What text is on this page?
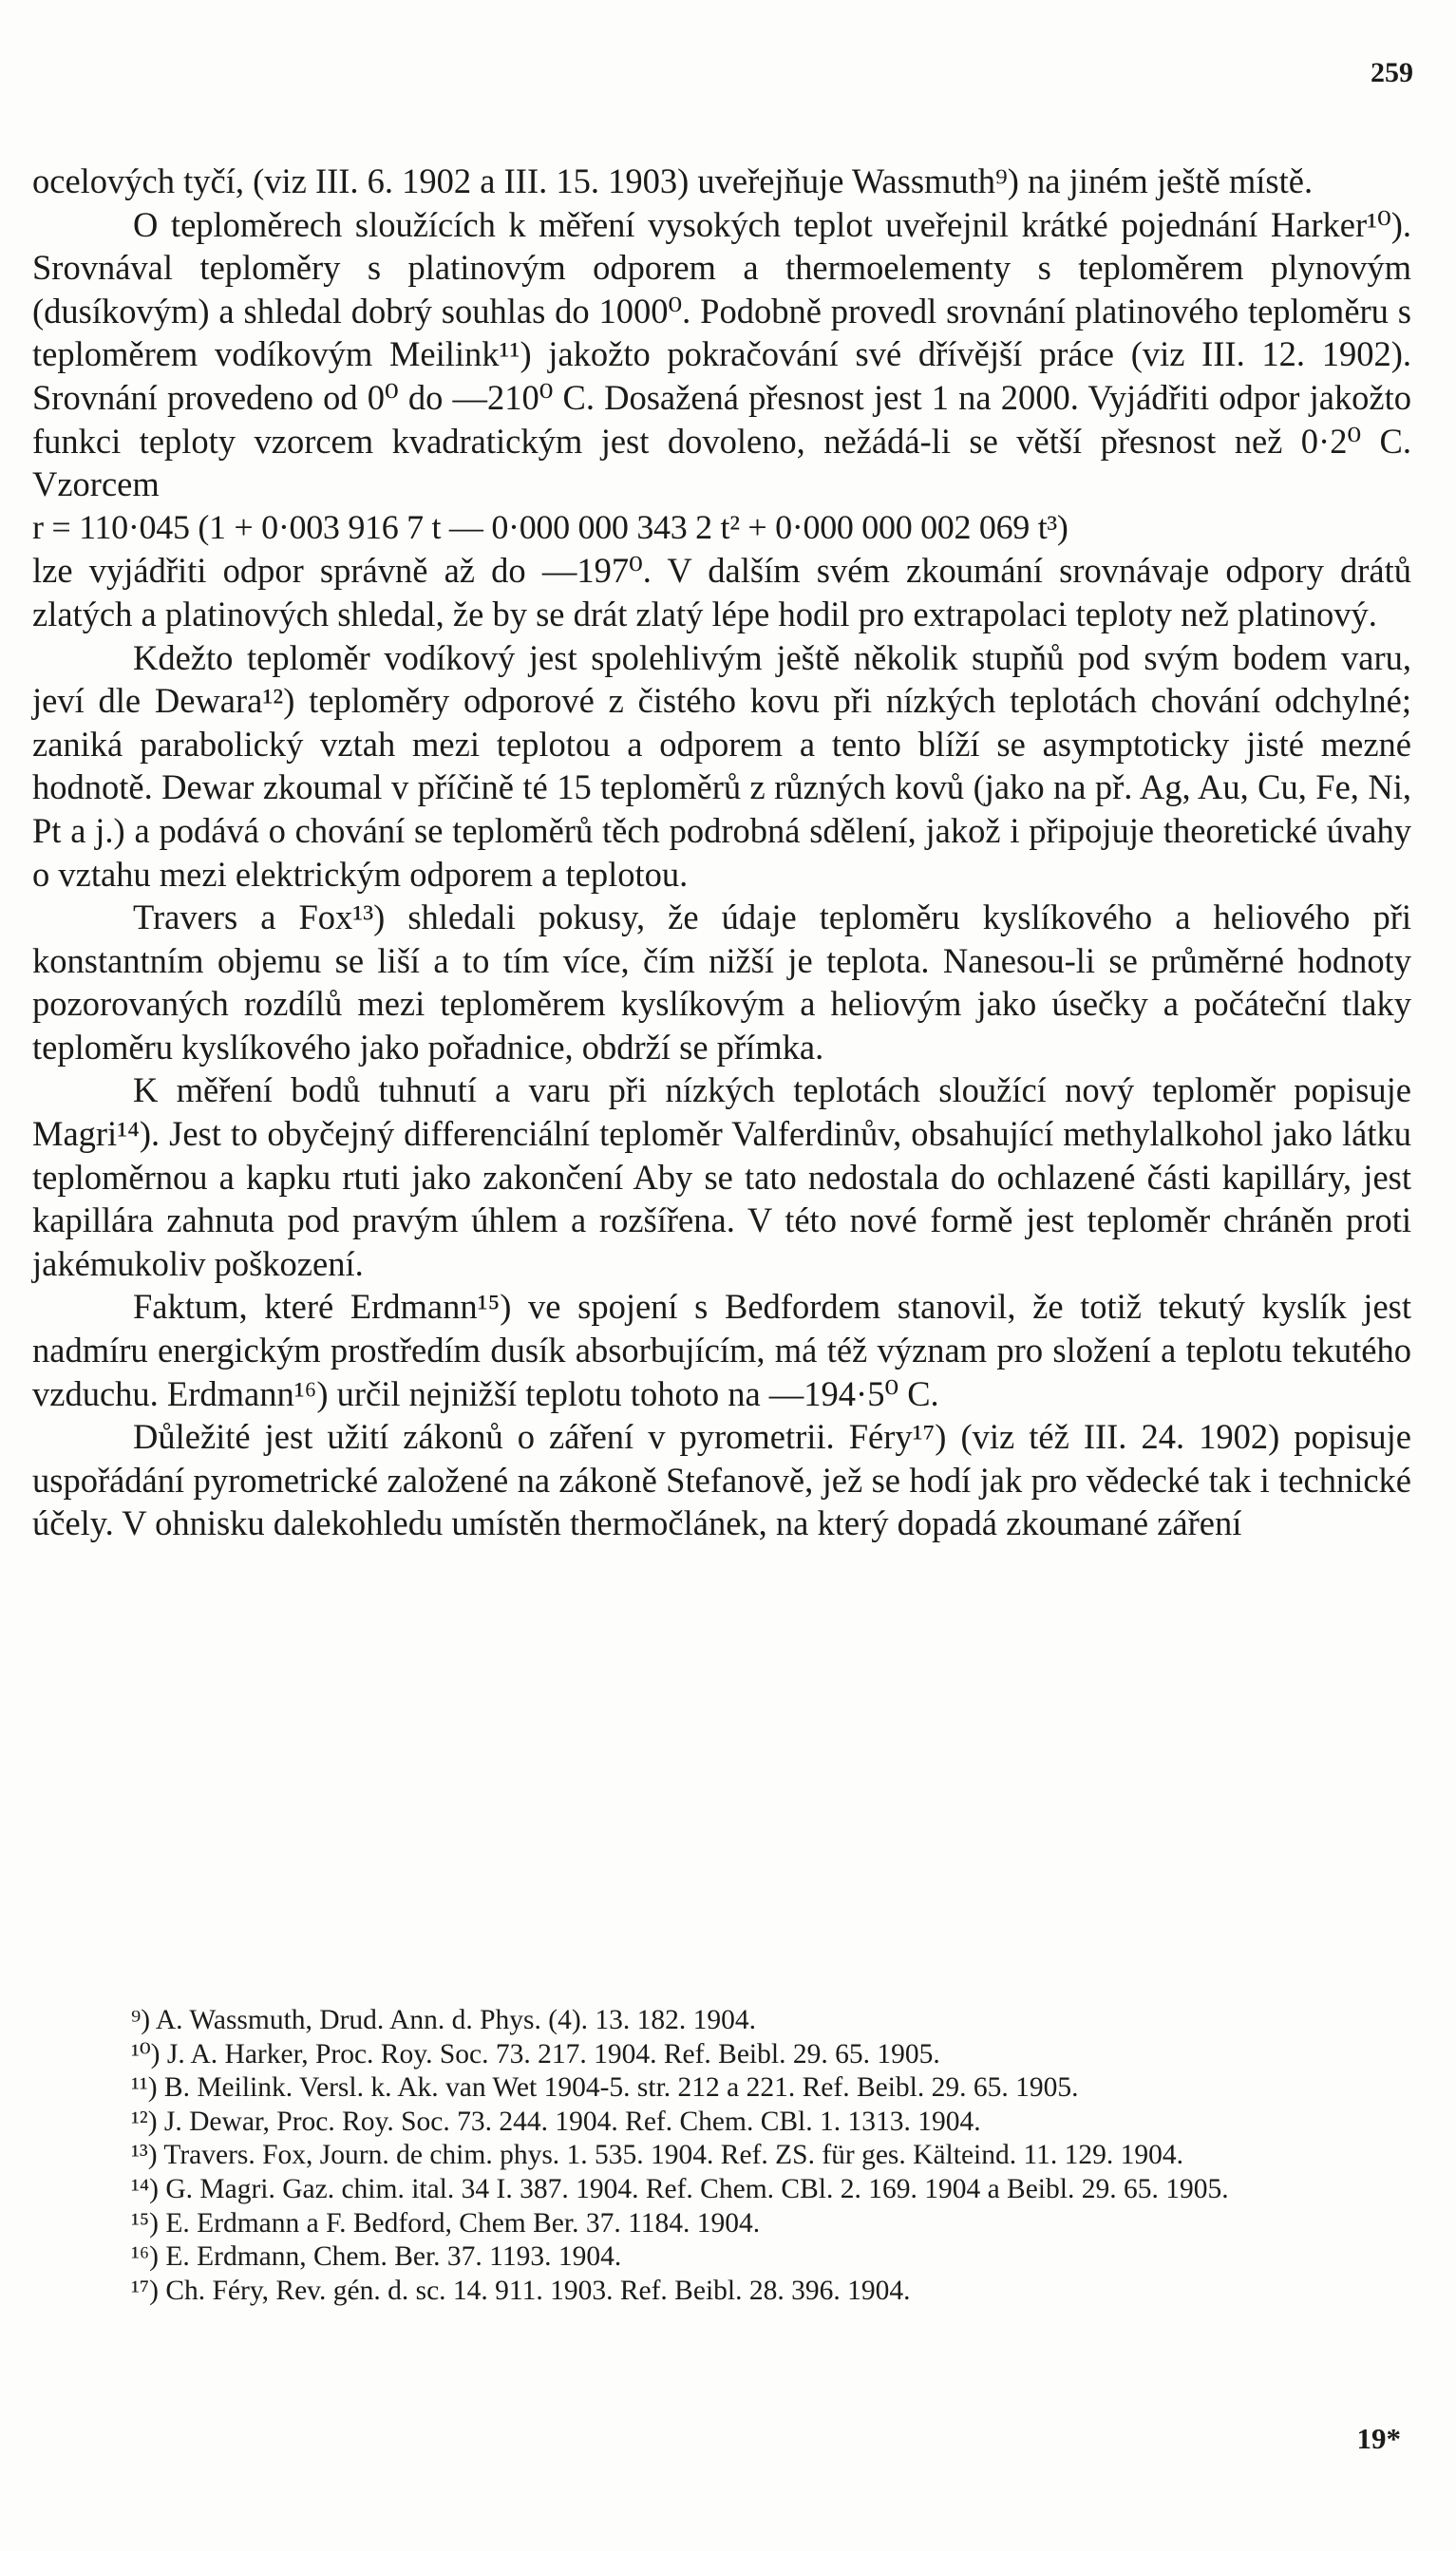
259

ocelových tyčí, (viz III. 6. 1902 a III. 15. 1903) uveřejňuje Wassmuth⁹) na jiném ještě místě.

O teploměrech sloužících k měření vysokých teplot uveřejnil krátké pojednání Harker¹⁰). Srovnával teploměry s platinovým odporem a thermoelementy s teploměrem plynovým (dusíkovým) a shledal dobrý souhlas do 1000⁰. Podobně provedl srovnání platinového teploměru s teploměrem vodíkovým Meilink¹¹) jakožto pokračování své dřívější práce (viz III. 12. 1902). Srovnání provedeno od 0⁰ do —210⁰ C. Dosažená přesnost jest 1 na 2000. Vyjádřiti odpor jakožto funkci teploty vzorcem kvadratickým jest dovoleno, nežádá-li se větší přesnost než 0·2⁰ C. Vzorcem

r = 110·045 (1 + 0·003 916 7 t — 0·000 000 343 2 t² + 0·000 000 002 069 t³)

lze vyjádřiti odpor správně až do —197⁰. V dalším svém zkoumání srovnávaje odpory drátů zlatých a platinových shledal, že by se drát zlatý lépe hodil pro extrapolaci teploty než platinový.

Kdežto teploměr vodíkový jest spolehlivým ještě několik stupňů pod svým bodem varu, jeví dle Dewara¹²) teploměry odporové z čistého kovu při nízkých teplotách chování odchylné; zaniká parabolický vztah mezi teplotou a odporem a tento blíží se asymptoticky jisté mezné hodnotě. Dewar zkoumal v příčině té 15 teploměrů z různých kovů (jako na př. Ag, Au, Cu, Fe, Ni, Pt a j.) a podává o chování se teploměrů těch podrobná sdělení, jakož i připojuje theoretické úvahy o vztahu mezi elektrickým odporem a teplotou.

Travers a Fox¹³) shledali pokusy, že údaje teploměru kyslíkového a heliového při konstantním objemu se liší a to tím více, čím nižší je teplota. Nanesou-li se průměrné hodnoty pozorovaných rozdílů mezi teploměrem kyslíkovým a heliovým jako úsečky a počáteční tlaky teploměru kyslíkového jako pořadnice, obdrží se přímka.

K měření bodů tuhnutí a varu při nízkých teplotách sloužící nový teploměr popisuje Magri¹⁴). Jest to obyčejný differenciální teploměr Valferdinův, obsahující methylalkohol jako látku teploměrnou a kapku rtuti jako zakončení Aby se tato nedostala do ochlazené části kapilláry, jest kapillára zahnuta pod pravým úhlem a rozšířena. V této nové formě jest teploměr chráněn proti jakémukoliv poškození.

Faktum, které Erdmann¹⁵) ve spojení s Bedfordem stanovil, že totiž tekutý kyslík jest nadmíru energickým prostředím dusík absorbujícím, má též význam pro složení a teplotu tekutého vzduchu. Erdmann¹⁶) určil nejnižší teplotu tohoto na —194·5⁰ C.

Důležité jest užití zákonů o záření v pyrometrii. Féry¹⁷) (viz též III. 24. 1902) popisuje uspořádání pyrometrické založené na zákoně Stefanově, jež se hodí jak pro vědecké tak i technické účely. V ohnisku dalekohledu umístěn thermočlánek, na který dopadá zkoumané záření

⁹) A. Wassmuth, Drud. Ann. d. Phys. (4). 13. 182. 1904.

¹⁰) J. A. Harker, Proc. Roy. Soc. 73. 217. 1904. Ref. Beibl. 29. 65. 1905.

¹¹) B. Meilink. Versl. k. Ak. van Wet 1904-5. str. 212 a 221. Ref. Beibl. 29. 65. 1905.

¹²) J. Dewar, Proc. Roy. Soc. 73. 244. 1904. Ref. Chem. CBl. 1. 1313. 1904.

¹³) Travers. Fox, Journ. de chim. phys. 1. 535. 1904. Ref. ZS. für ges. Kälteind. 11. 129. 1904.

¹⁴) G. Magri. Gaz. chim. ital. 34 I. 387. 1904. Ref. Chem. CBl. 2. 169. 1904 a Beibl. 29. 65. 1905.

¹⁵) E. Erdmann a F. Bedford, Chem Ber. 37. 1184. 1904.

¹⁶) E. Erdmann, Chem. Ber. 37. 1193. 1904.

¹⁷) Ch. Féry, Rev. gén. d. sc. 14. 911. 1903. Ref. Beibl. 28. 396. 1904.

19*
